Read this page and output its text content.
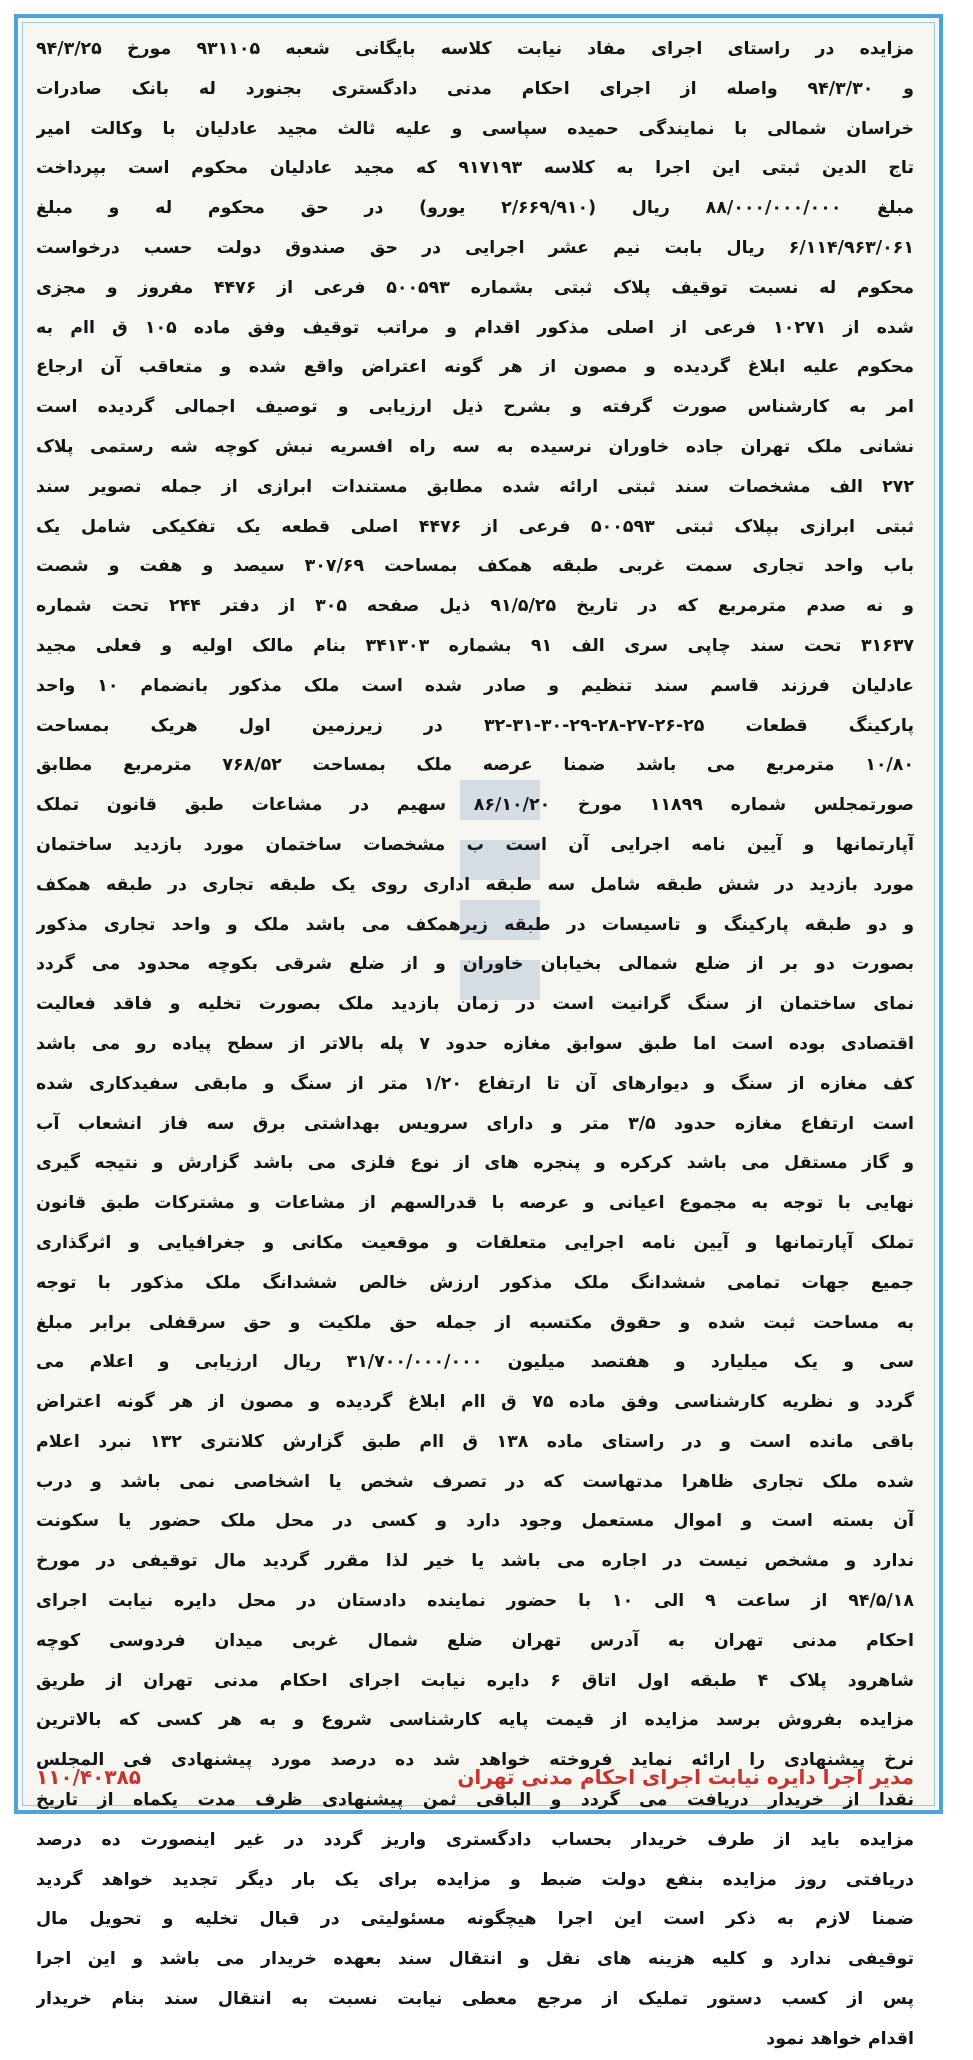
مزایده در راستای اجرای مفاد نیابت کلاسه بایگانی شعبه ۹۳۱۱۰۵ مورخ ۹۴/۳/۲۵
و ۹۴/۳/۳۰ واصله از اجرای احکام مدنی دادگستری بجنورد له بانک صادرات
خراسان شمالی با نمایندگی حمیده سپاسی و علیه ثالث مجید عادلیان با وکالت امیر
تاج الدین ثبتی این اجرا به کلاسه ۹۱۷۱۹۳ که مجید عادلیان محکوم است بپرداخت
مبلغ ۸۸/۰۰۰/۰۰۰/۰۰۰ ریال (۲/۶۶۹/۹۱۰ یورو) در حق محکوم له و مبلغ
۶/۱۱۴/۹۶۳/۰۶۱ ریال بابت نیم عشر اجرایی در حق صندوق دولت حسب درخواست
محکوم له نسبت توقیف پلاک ثبتی بشماره ۵۰۰۵۹۳ فرعی از ۴۴۷۶ مفروز و مجزی
شده از ۱۰۲۷۱ فرعی از اصلی مذکور اقدام و مراتب توقیف وفق ماده ۱۰۵ ق اام به
محکوم علیه ابلاغ گردیده و مصون از هر گونه اعتراض واقع شده و متعاقب آن ارجاع
امر به کارشناس صورت گرفته و بشرح ذیل ارزیابی و توصیف اجمالی گردیده است
نشانی ملک تهران جاده خاوران نرسیده به سه راه افسریه نبش کوچه شه رستمی پلاک
۲۷۲ الف مشخصات سند ثبتی ارائه شده مطابق مستندات ابرازی از جمله تصویر سند
ثبتی ابرازی بپلاک ثبتی ۵۰۰۵۹۳ فرعی از ۴۴۷۶ اصلی قطعه یک تفکیکی شامل یک
باب واحد تجاری سمت غربی طبقه همکف بمساحت ۳۰۷/۶۹ سیصد و هفت و شصت
و نه صدم مترمربع که در تاریخ ۹۱/۵/۲۵ ذیل صفحه ۳۰۵ از دفتر ۲۴۴ تحت شماره
۳۱۶۳۷ تحت سند چاپی سری الف ۹۱ بشماره ۳۴۱۳۰۳ بنام مالک اولیه و فعلی مجید
عادلیان فرزند قاسم سند تنظیم و صادر شده است ملک مذکور بانضمام ۱۰ واحد
پارکینگ قطعات ۲۵-۲۶-۲۷-۲۸-۲۹-۳۰-۳۱-۳۲ در زیرزمین اول هریک بمساحت
۱۰/۸۰ مترمربع می باشد ضمنا عرصه ملک بمساحت ۷۶۸/۵۲ مترمربع مطابق
صورتمجلس شماره ۱۱۸۹۹ مورخ ۸۶/۱۰/۲۰ سهیم در مشاعات طبق قانون تملک
آپارتمانها و آیین نامه اجرایی آن است ب مشخصات ساختمان مورد بازدید ساختمان
مورد بازدید در شش طبقه شامل سه طبقه اداری روی یک طبقه تجاری در طبقه همکف
و دو طبقه پارکینگ و تاسیسات در طبقه زیرهمکف می باشد ملک و واحد تجاری مذکور
بصورت دو بر از ضلع شمالی بخیابان خاوران و از ضلع شرقی بکوچه محدود می گردد
نمای ساختمان از سنگ گرانیت است در زمان بازدید ملک بصورت تخلیه و فاقد فعالیت
اقتصادی بوده است اما طبق سوابق مغازه حدود ۷ پله بالاتر از سطح پیاده رو می باشد
کف مغازه از سنگ و دیوارهای آن تا ارتفاع ۱/۲۰ متر از سنگ و مابقی سفیدکاری شده
است ارتفاع مغازه حدود ۳/۵ متر و دارای سرویس بهداشتی برق سه فاز انشعاب آب
و گاز مستقل می باشد کرکره و پنجره های از نوع فلزی می باشد گزارش و نتیجه گیری
نهایی با توجه به مجموع اعیانی و عرصه با قدرالسهم از مشاعات و مشترکات طبق قانون
تملک آپارتمانها و آیین نامه اجرایی متعلقات و موقعیت مکانی و جغرافیایی و اثرگذاری
جمیع جهات تمامی ششدانگ ملک مذکور ارزش خالص ششدانگ ملک مذکور با توجه
به مساحت ثبت شده و حقوق مکتسبه از جمله حق ملکیت و حق سرقفلی برابر مبلغ
سی و یک میلیارد و هفتصد میلیون ۳۱/۷۰۰/۰۰۰/۰۰۰ ریال ارزیابی و اعلام می
گردد و نظریه کارشناسی وفق ماده ۷۵ ق اام ابلاغ گردیده و مصون از هر گونه اعتراض
باقی مانده است و در راستای ماده ۱۳۸ ق اام طبق گزارش کلانتری ۱۳۲ نبرد اعلام
شده ملک تجاری ظاهرا مدتهاست که در تصرف شخص یا اشخاصی نمی باشد و درب
آن بسته است و اموال مستعمل وجود دارد و کسی در محل ملک حضور یا سکونت
ندارد و مشخص نیست در اجاره می باشد یا خیر لذا مقرر گردید مال توقیفی در مورخ
۹۴/۵/۱۸ از ساعت ۹ الی ۱۰ با حضور نماینده دادستان در محل دایره نیابت اجرای
احکام مدنی تهران به آدرس تهران ضلع شمال غربی میدان فردوسی کوچه
شاهرود پلاک ۴ طبقه اول اتاق ۶ دایره نیابت اجرای احکام مدنی تهران از طریق
مزایده بفروش برسد مزایده از قیمت پایه کارشناسی شروع و به هر کسی که بالاترین
نرخ پیشنهادی را ارائه نماید فروخته خواهد شد ده درصد مورد پیشنهادی فی المجلس
نقدا از خریدار دریافت می گردد و الباقی ثمن پیشنهادی ظرف مدت یکماه از تاریخ
مزایده باید از طرف خریدار بحساب دادگستری واریز گردد در غیر اینصورت ده درصد
دریافتی روز مزایده بنفع دولت ضبط و مزایده برای یک بار دیگر تجدید خواهد گردید
ضمنا لازم به ذکر است این اجرا هیچگونه مسئولیتی در قبال تخلیه و تحویل مال
توقیفی ندارد و کلیه هزینه های نقل و انتقال سند بعهده خریدار می باشد و این اجرا
پس از کسب دستور تملیک از مرجع معطی نیابت نسبت به انتقال سند بنام خریدار
اقدام خواهد نمود
مدیر اجرا دایره نیابت اجرای احکام مدنی تهران
۱۱۰/۴۰۳۸۵
